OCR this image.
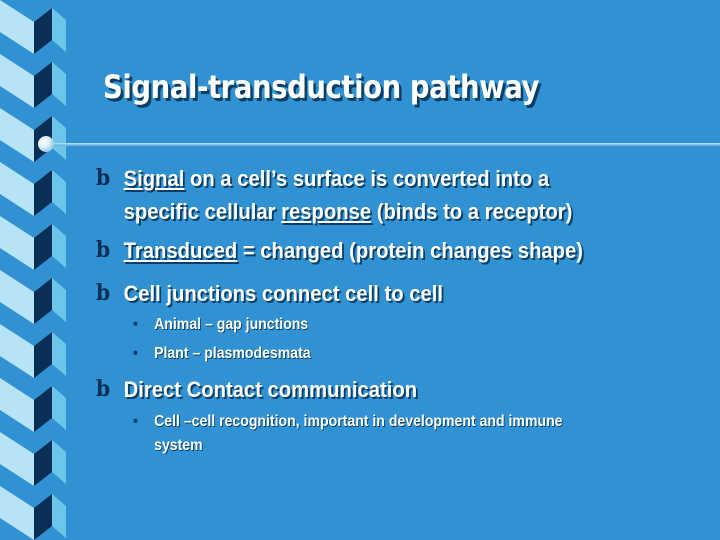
Signal-transduction pathway
b Signal on a cell’s surface is converted into a
specific cellular response (binds to a receptor)
b Transduced = changed (protein changes shape)
b Cell junctions connect cell to cell
• Animal – gap junctions
• Plant – plasmodesmata
b Direct Contact communication
• Cell –cell recognition, important in development and immune
system
